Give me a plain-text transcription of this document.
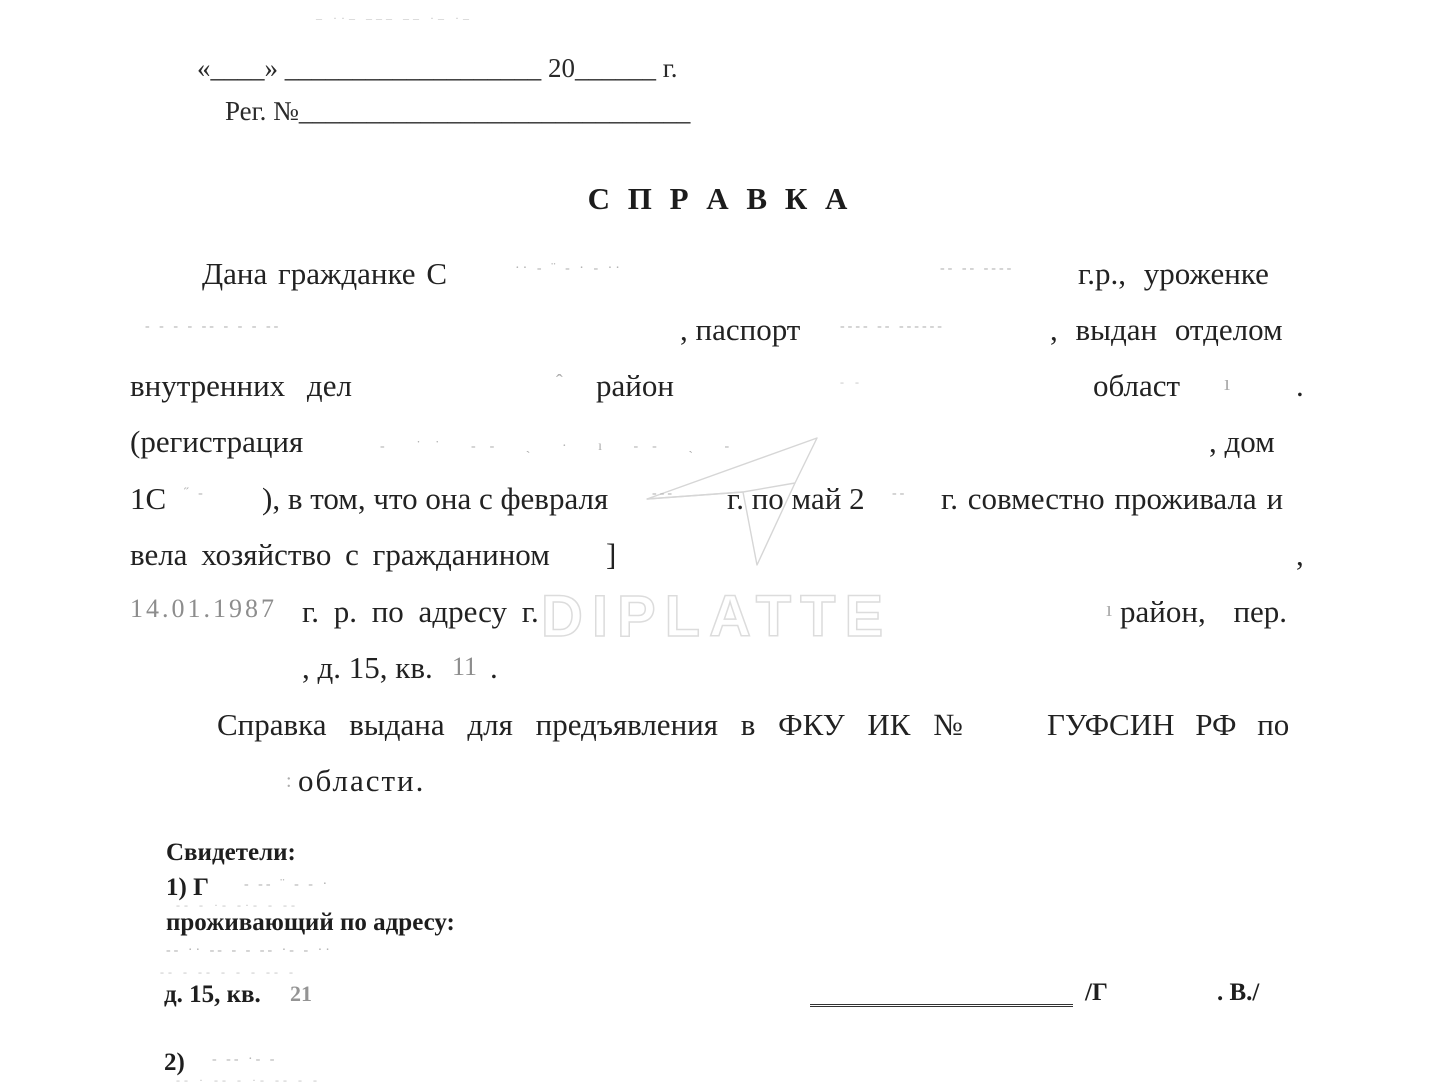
DIPLATTE
– ··– ––– –– ·– ·–
«____» ___________________ 20______ г.
Рег. №_____________________________
С П Р А В К А
Дана гражданке С	·· ‐ ¨ ‐ · ‐ ··	‐‐ ‐‐ ‐‐‐‐ г.р., уроженке
‐ ‐ ‐ ‐ ‐‐ ‐ ‐ ‐ ‐‐	, паспорт	‐‐‐‐ ‐‐ ‐‐‐‐‐‐	, выдан отделом
внутренних дел	ˆ район	‐ ‐	област ı .
(регистрация	‐ ˙˙ ‐‐ ˏ · ı ‐‐ ˏ ‐	, дом
1С ˝ ‐ ), в том, что она с февраля	‐‐‐ г. по май 2 ‐‐ г. совместно проживала и
вела хозяйство с гражданином ]	,
14.01.1987 г. р. по адресу г.	ı район, пер.
, д. 15, кв. 11 .
Справка выдана для предъявления в ФКУ ИК №	ГУФСИН РФ по
: области.
Свидетели:
1) Г	‐ ‐‐ ¨ ‐ ‐ ·
‐‐ ‐ ·‐ ‐·‐ ‐ ‐‐
проживающий по адресу:
‐‐ ·· ‐‐ ‐ ‐ ‐‐ ·‐ ‐ ··
‐‐ ‐ ‐‐ ‐ ‐ ‐ ‐‐ ‐
д. 15, кв. 21	/Г	. В./
2) ‐ ‐‐ ·‐ ‐
‐‐ · ‐‐ ‐ ·‐ ‐‐ ‐ ‐
